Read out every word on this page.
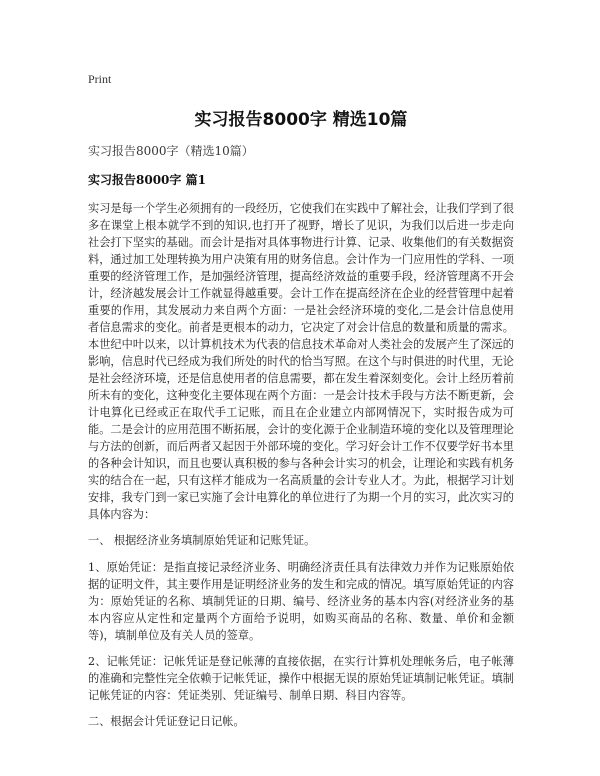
Print
实习报告8000字 精选10篇
实习报告8000字（精选10篇）
实习报告8000字 篇1

实习是每一个学生必须拥有的一段经历，它使我们在实践中了解社会，让我们学到了很多在课堂上根本就学不到的知识,也打开了视野，增长了见识，为我们以后进一步走向社会打下坚实的基础。而会计是指对具体事物进行计算、记录、收集他们的有关数据资料，通过加工处理转换为用户决策有用的财务信息。会计作为一门应用性的学科、一项重要的经济管理工作，是加强经济管理，提高经济效益的重要手段，经济管理离不开会计，经济越发展会计工作就显得越重要。会计工作在提高经济在企业的经营管理中起着重要的作用，其发展动力来自两个方面：一是社会经济环境的变化,二是会计信息使用者信息需求的变化。前者是更根本的动力，它决定了对会计信息的数量和质量的需求。本世纪中叶以来，以计算机技术为代表的信息技术革命对人类社会的发展产生了深远的影响，信息时代已经成为我们所处的时代的恰当写照。在这个与时俱进的时代里，无论是社会经济环境，还是信息使用者的信息需要，都在发生着深刻变化。会计上经历着前所未有的变化，这种变化主要体现在两个方面：一是会计技术手段与方法不断更新，会计电算化已经或正在取代手工记账，而且在企业建立内部网情况下，实时报告成为可能。二是会计的应用范围不断拓展，会计的变化源于企业制造环境的变化以及管理理论与方法的创新，而后两者又起因于外部环境的变化。学习好会计工作不仅要学好书本里的各种会计知识，而且也要认真积极的参与各种会计实习的机会，让理论和实践有机务实的结合在一起，只有这样才能成为一名高质量的会计专业人才。为此，根据学习计划安排，我专门到一家已实施了会计电算化的单位进行了为期一个月的实习，此次实习的具体内容为：

一、 根据经济业务填制原始凭证和记账凭证。

1、原始凭证：是指直接记录经济业务、明确经济责任具有法律效力并作为记账原始依据的证明文件，其主要作用是证明经济业务的发生和完成的情况。填写原始凭证的内容为：原始凭证的名称、填制凭证的日期、编号、经济业务的基本内容(对经济业务的基本内容应从定性和定量两个方面给予说明，如购买商品的名称、数量、单价和金额等)，填制单位及有关人员的签章。

2、记帐凭证：记帐凭证是登记帐薄的直接依据，在实行计算机处理帐务后，电子帐薄的准确和完整性完全依赖于记帐凭证，操作中根据无误的原始凭证填制记帐凭证。填制记帐凭证的内容：凭证类别、凭证编号、制单日期、科目内容等。

二、根据会计凭证登记日记帐。
